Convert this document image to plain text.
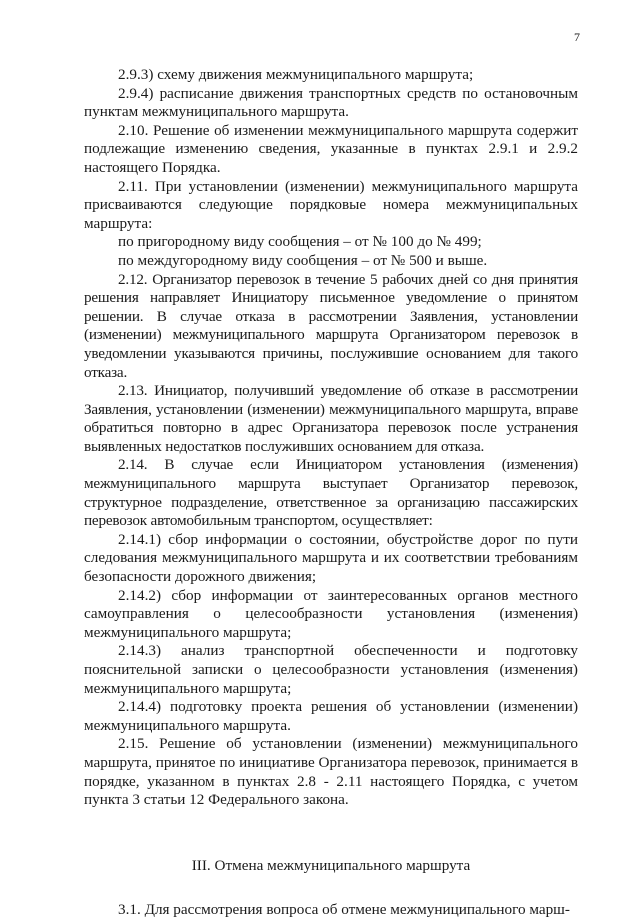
7

2.9.3) схему движения межмуниципального маршрута;

2.9.4) расписание движения транспортных средств по остановочным пунктам межмуниципального маршрута.

2.10. Решение об изменении межмуниципального маршрута содержит подлежащие изменению сведения, указанные в пунктах 2.9.1 и 2.9.2 настоящего Порядка.

2.11. При установлении (изменении) межмуниципального маршрута присваиваются следующие порядковые номера межмуниципальных маршрута:

по пригородному виду сообщения – от № 100 до № 499;

по междугородному виду сообщения – от № 500 и выше.

2.12. Организатор перевозок в течение 5 рабочих дней со дня принятия решения направляет Инициатору письменное уведомление о принятом решении. В случае отказа в рассмотрении Заявления, установлении (изменении) межмуниципального маршрута Организатором перевозок в уведомлении указываются причины, послужившие основанием для такого отказа.

2.13. Инициатор, получивший уведомление об отказе в рассмотрении Заявления, установлении (изменении) межмуниципального маршрута, вправе обратиться повторно в адрес Организатора перевозок после устранения выявленных недостатков послуживших основанием для отказа.

2.14. В случае если Инициатором установления (изменения) межмуниципального маршрута выступает Организатор перевозок, структурное подразделение, ответственное за организацию пассажирских перевозок автомобильным транспортом, осуществляет:

2.14.1) сбор информации о состоянии, обустройстве дорог по пути следования межмуниципального маршрута и их соответствии требованиям безопасности дорожного движения;

2.14.2) сбор информации от заинтересованных органов местного самоуправления о целесообразности установления (изменения) межмуниципального маршрута;

2.14.3) анализ транспортной обеспеченности и подготовку пояснительной записки о целесообразности установления (изменения) межмуниципального маршрута;

2.14.4) подготовку проекта решения об установлении (изменении) межмуниципального маршрута.

2.15. Решение об установлении (изменении) межмуниципального маршрута, принятое по инициативе Организатора перевозок, принимается в порядке, указанном в пунктах 2.8 - 2.11 настоящего Порядка, с учетом пункта 3 статьи 12 Федерального закона.

III. Отмена межмуниципального маршрута

3.1. Для рассмотрения вопроса об отмене межмуниципального марш-
